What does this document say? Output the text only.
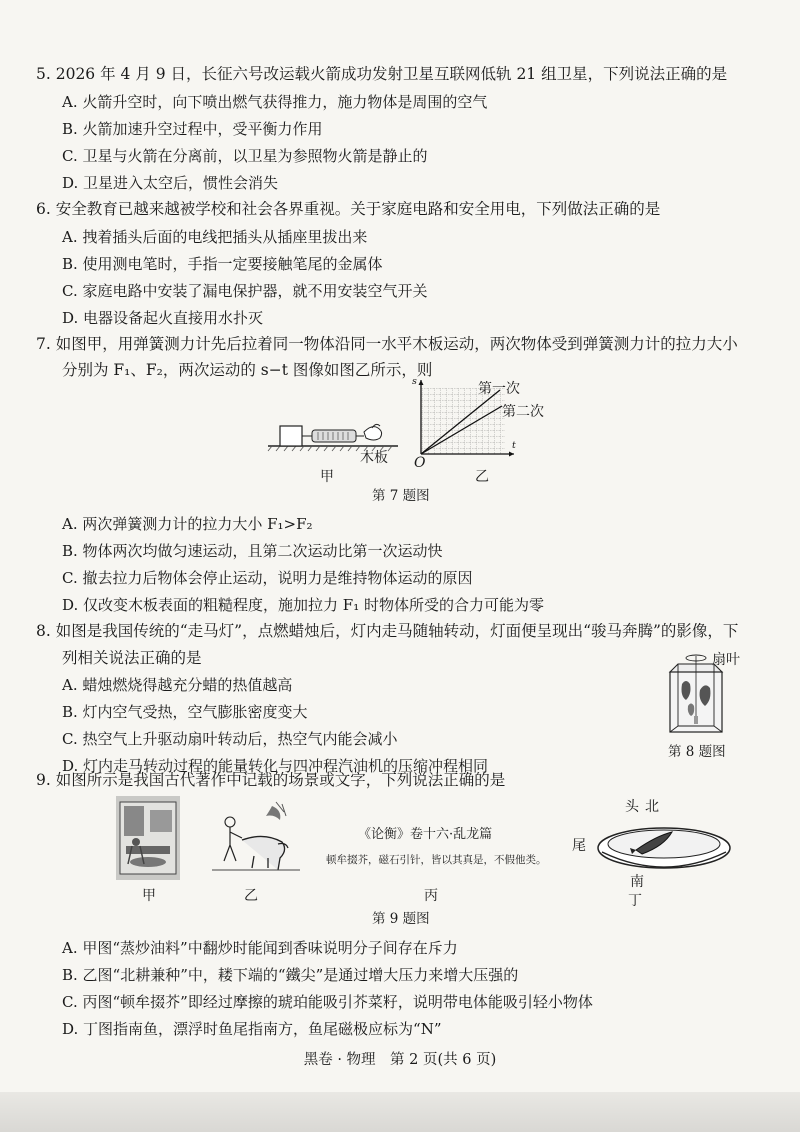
5. 2026 年 4 月 9 日，长征六号改运载火箭成功发射卫星互联网低轨 21 组卫星，下列说法正确的是
A. 火箭升空时，向下喷出燃气获得推力，施力物体是周围的空气
B. 火箭加速升空过程中，受平衡力作用
C. 卫星与火箭在分离前，以卫星为参照物火箭是静止的
D. 卫星进入太空后，惯性会消失
6. 安全教育已越来越被学校和社会各界重视。关于家庭电路和安全用电，下列做法正确的是
A. 拽着插头后面的电线把插头从插座里拔出来
B. 使用测电笔时，手指一定要接触笔尾的金属体
C. 家庭电路中安装了漏电保护器，就不用安装空气开关
D. 电器设备起火直接用水扑灭
7. 如图甲，用弹簧测力计先后拉着同一物体沿同一水平木板运动，两次物体受到弹簧测力计的拉力大小
分别为 F₁、F₂，两次运动的 s−t 图像如图乙所示，则
木板
甲
s
t
O
第一次
第二次
乙
第 7 题图
A. 两次弹簧测力计的拉力大小 F₁>F₂
B. 物体两次均做匀速运动，且第二次运动比第一次运动快
C. 撤去拉力后物体会停止运动，说明力是维持物体运动的原因
D. 仅改变木板表面的粗糙程度，施加拉力 F₁ 时物体所受的合力可能为零
8. 如图是我国传统的“走马灯”，点燃蜡烛后，灯内走马随轴转动，灯面便呈现出“骏马奔腾”的影像，下
列相关说法正确的是
A. 蜡烛燃烧得越充分蜡的热值越高
B. 灯内空气受热，空气膨胀密度变大
C. 热空气上升驱动扇叶转动后，热空气内能会减小
D. 灯内走马转动过程的能量转化与四冲程汽油机的压缩冲程相同
扇叶
第 8 题图
9. 如图所示是我国古代著作中记载的场景或文字，下列说法正确的是
甲	乙
《论衡》卷十六·乱龙篇
顿牟掇芥，磁石引针，皆以其真是，不假他类。
丙
头 北
尾
南
丁
第 9 题图
A. 甲图“蒸炒油料”中翻炒时能闻到香味说明分子间存在斥力
B. 乙图“北耕兼种”中，耧下端的“鐵尖”是通过增大压力来增大压强的
C. 丙图“顿牟掇芥”即经过摩擦的琥珀能吸引芥菜籽，说明带电体能吸引轻小物体
D. 丁图指南鱼，漂浮时鱼尾指南方，鱼尾磁极应标为“N”
黑卷 · 物理　第 2 页(共 6 页)
